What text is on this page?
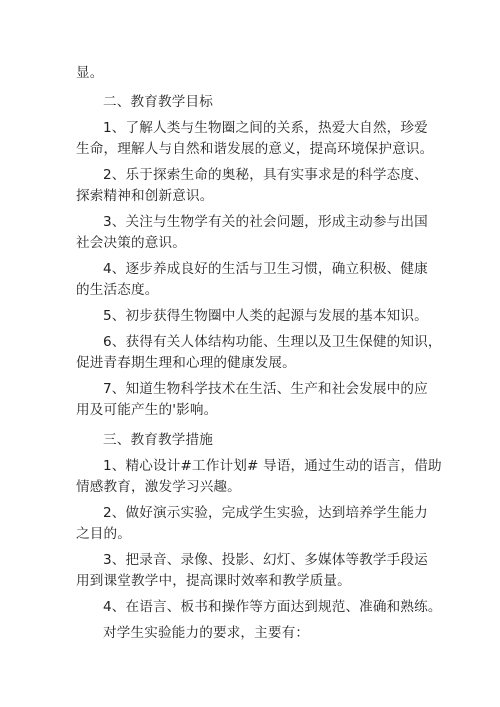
显。
二、教育教学目标
1、了解人类与生物圈之间的关系，热爱大自然，珍爱
生命，理解人与自然和谐发展的意义，提高环境保护意识。
2、乐于探索生命的奥秘，具有实事求是的科学态度、
探索精神和创新意识。
3、关注与生物学有关的社会问题，形成主动参与出国
社会决策的意识。
4、逐步养成良好的生活与卫生习惯，确立积极、健康
的生活态度。
5、初步获得生物圈中人类的起源与发展的基本知识。
6、获得有关人体结构功能、生理以及卫生保健的知识，
促进青春期生理和心理的健康发展。
7、知道生物科学技术在生活、生产和社会发展中的应
用及可能产生的'影响。
三、教育教学措施
1、精心设计#工作计划# 导语，通过生动的语言，借助
情感教育，激发学习兴趣。
2、做好演示实验，完成学生实验，达到培养学生能力
之目的。
3、把录音、录像、投影、幻灯、多媒体等教学手段运
用到课堂教学中，提高课时效率和教学质量。
4、在语言、板书和操作等方面达到规范、准确和熟练。
对学生实验能力的要求，主要有：
